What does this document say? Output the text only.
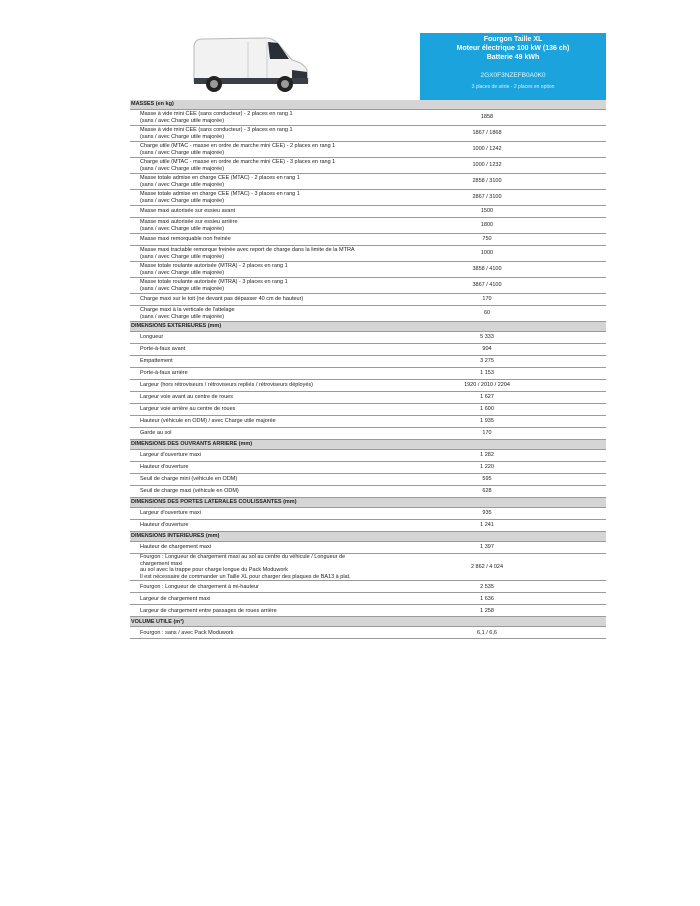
Fourgon Taille XL
Moteur électrique 100 kW (136 ch)
Batterie 49 kWh
2GX0F3NZEFB0A0K0
3 places de série - 2 places en option
MASSES (en kg)	
Masse à vide mini CEE (sans conducteur) - 2 places en rang 1
(sans / avec Charge utile majorée)	1858
Masse à vide mini CEE (sans conducteur) - 3 places en rang 1
(sans / avec Charge utile majorée)	1867 / 1868
Charge utile (MTAC - masse en ordre de marche mini CEE) - 2 places en rang 1
(sans / avec Charge utile majorée)	1000 / 1242
Charge utile (MTAC - masse en ordre de marche mini CEE) - 3 places en rang 1
(sans / avec Charge utile majorée)	1000 / 1232
Masse totale admise en charge CEE (MTAC) - 2 places en rang 1
(sans / avec Charge utile majorée)	2858 / 3100
Masse totale admise en charge CEE (MTAC) - 3 places en rang 1
(sans / avec Charge utile majorée)	2867 / 3100
Masse maxi autorisée sur essieu avant	1500
Masse maxi autorisée sur essieu arrière
(sans / avec Charge utile majorée)	1800
Masse maxi remorquable non freinée	750
Masse maxi tractable remorque freinée avec report de charge dans la limite de la MTRA
(sans / avec Charge utile majorée)	1000
Masse totale roulante autorisée (MTRA) - 2 places en rang 1
(sans / avec Charge utile majorée)	3858 / 4100
Masse totale roulante autorisée (MTRA) - 3 places en rang 1
(sans / avec Charge utile majorée)	3867 / 4100
Charge maxi sur le toit (ne devant pas dépasser 40 cm de hauteur)	170
Charge maxi à la verticale de l'attelage
(sans / avec Charge utile majorée)	60
DIMENSIONS EXTERIEURES (mm)	
Longueur	5 333
Porte-à-faux avant	904
Empattement	3 275
Porte-à-faux arrière	1 153
Largeur (hors rétroviseurs / rétroviseurs repliés / rétroviseurs déployés)	1920 / 2010 / 2204
Largeur voie avant au centre de roues	1 627
Largeur voie arrière au centre de roues	1 600
Hauteur (véhicule en ODM) / avec Charge utile majorée	1 935
Garde au sol	170
DIMENSIONS DES OUVRANTS ARRIERE (mm)	
Largeur d'ouverture maxi	1 282
Hauteur d'ouverture	1 220
Seuil de charge mini (véhicule en ODM)	595
Seuil de charge maxi (véhicule en ODM)	628
DIMENSIONS DES PORTES LATERALES COULISSANTES (mm)	
Largeur d'ouverture maxi	935
Hauteur d'ouverture	1 241
DIMENSIONS INTERIEURES (mm)	
Hauteur de chargement maxi	1 397
Fourgon : Longueur de chargement maxi au sol au centre du véhicule / Longueur de chargement maxi
au sol avec la trappe pour charge longue du Pack Moduwork
Il est nécessaire de commander un Taille XL pour charger des plaques de BA13 à plat.	2 862 / 4 024
Fourgon : Longueur de chargement à mi-hauteur	2 535
Largeur de chargement maxi	1 636
Largeur de chargement entre passages de roues arrière	1 258
VOLUME UTILE (m³)	
Fourgon : sans / avec Pack Moduwork	6,1 / 6,6
